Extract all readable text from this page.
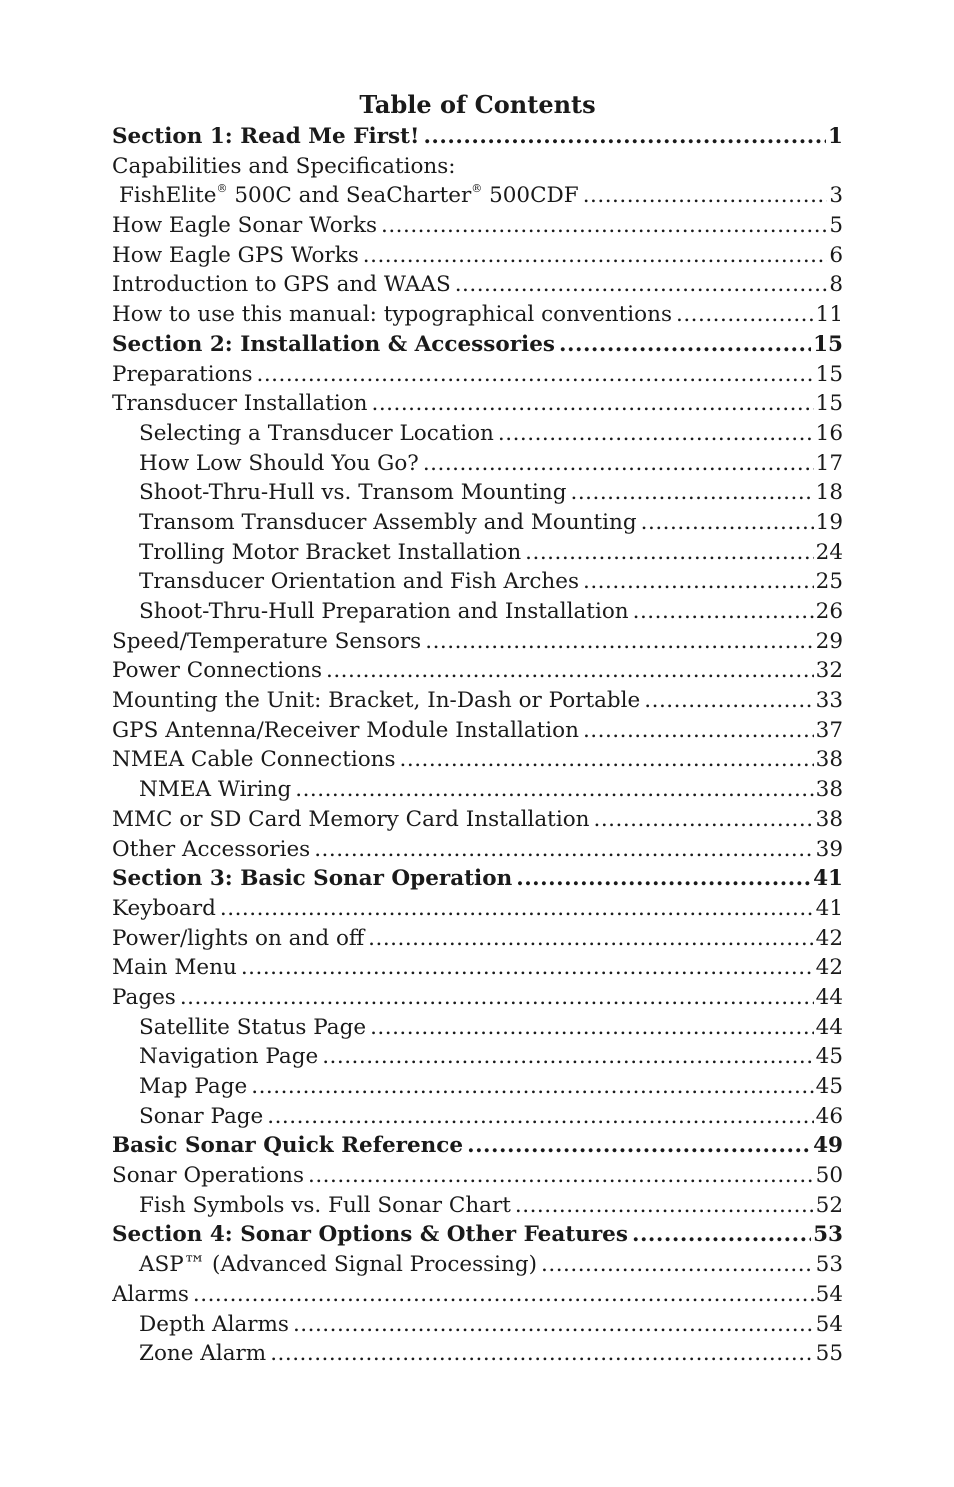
Table of Contents
Section 1: Read Me First! .....	1
Capabilities and Specifications:
FishElite® 500C and SeaCharter® 500CDF .....	3
How Eagle Sonar Works .....	5
How Eagle GPS Works .....	6
Introduction to GPS and WAAS .....	8
How to use this manual: typographical conventions .....	11
Section 2: Installation & Accessories .....	15
Preparations .....	15
Transducer Installation .....	15
Selecting a Transducer Location .....	16
How Low Should You Go? .....	17
Shoot-Thru-Hull vs. Transom Mounting .....	18
Transom Transducer Assembly and Mounting .....	19
Trolling Motor Bracket Installation .....	24
Transducer Orientation and Fish Arches .....	25
Shoot-Thru-Hull Preparation and Installation .....	26
Speed/Temperature Sensors .....	29
Power Connections .....	32
Mounting the Unit: Bracket, In-Dash or Portable .....	33
GPS Antenna/Receiver Module Installation .....	37
NMEA Cable Connections .....	38
NMEA Wiring .....	38
MMC or SD Card Memory Card Installation .....	38
Other Accessories .....	39
Section 3: Basic Sonar Operation .....	41
Keyboard .....	41
Power/lights on and off .....	42
Main Menu .....	42
Pages .....	44
Satellite Status Page .....	44
Navigation Page .....	45
Map Page .....	45
Sonar Page .....	46
Basic Sonar Quick Reference .....	49
Sonar Operations .....	50
Fish Symbols vs. Full Sonar Chart .....	52
Section 4: Sonar Options & Other Features .....	53
ASP™ (Advanced Signal Processing) .....	53
Alarms .....	54
Depth Alarms .....	54
Zone Alarm .....	55
